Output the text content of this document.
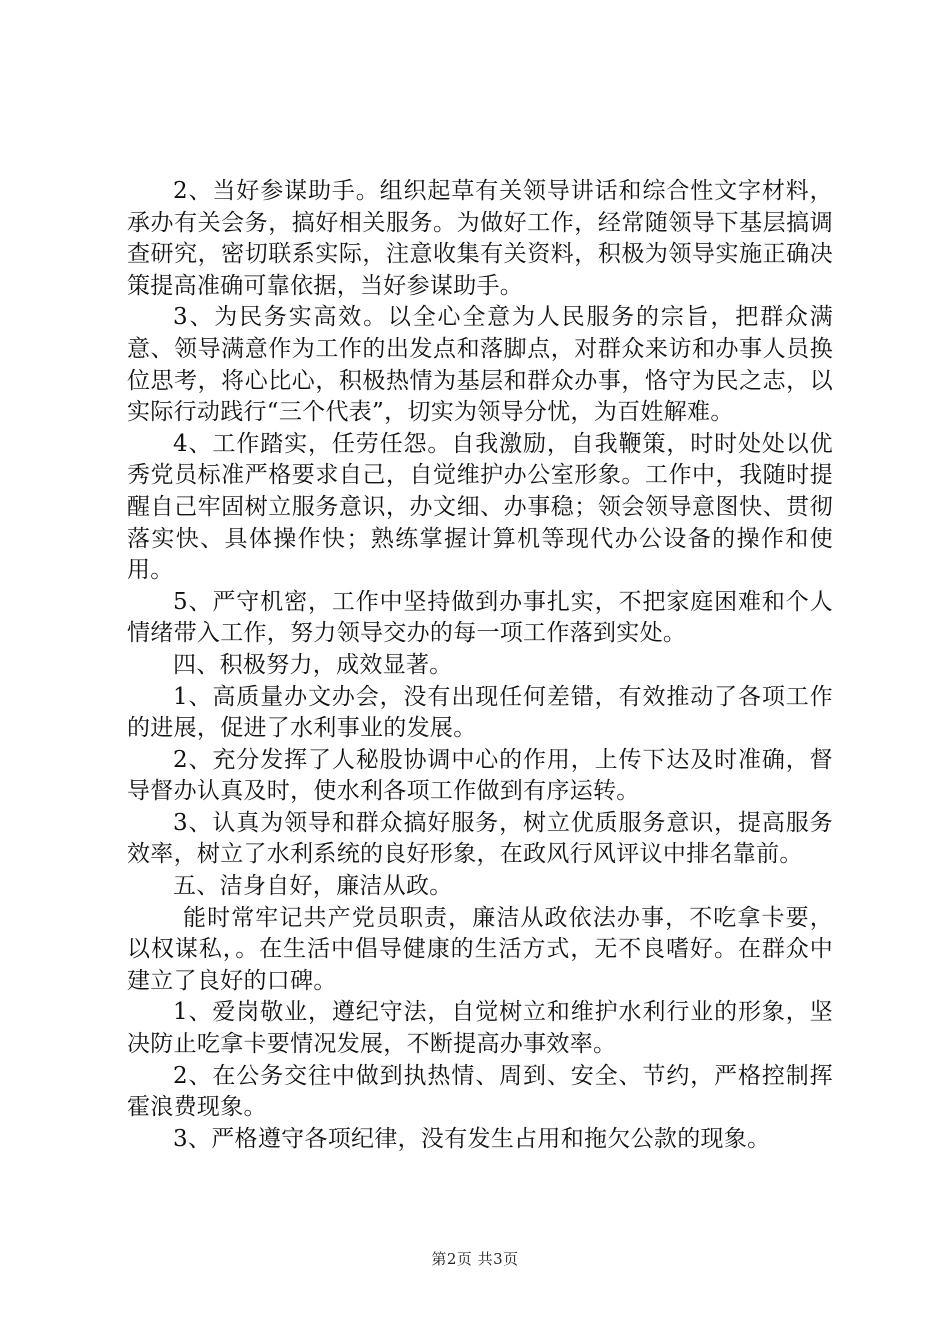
2、当好参谋助手。组织起草有关领导讲话和综合性文字材料，承办有关会务，搞好相关服务。为做好工作，经常随领导下基层搞调查研究，密切联系实际，注意收集有关资料，积极为领导实施正确决策提高准确可靠依据，当好参谋助手。

3、为民务实高效。以全心全意为人民服务的宗旨，把群众满意、领导满意作为工作的出发点和落脚点，对群众来访和办事人员换位思考，将心比心，积极热情为基层和群众办事，恪守为民之志，以实际行动践行“三个代表”，切实为领导分忧，为百姓解难。

4、工作踏实，任劳任怨。自我激励，自我鞭策，时时处处以优秀党员标准严格要求自己，自觉维护办公室形象。工作中，我随时提醒自己牢固树立服务意识，办文细、办事稳；领会领导意图快、贯彻落实快、具体操作快；熟练掌握计算机等现代办公设备的操作和使用。

5、严守机密，工作中坚持做到办事扎实，不把家庭困难和个人情绪带入工作，努力领导交办的每一项工作落到实处。

四、积极努力，成效显著。

1、高质量办文办会，没有出现任何差错，有效推动了各项工作的进展，促进了水利事业的发展。

2、充分发挥了人秘股协调中心的作用，上传下达及时准确，督导督办认真及时，使水利各项工作做到有序运转。

3、认真为领导和群众搞好服务，树立优质服务意识，提高服务效率，树立了水利系统的良好形象，在政风行风评议中排名靠前。

五、洁身自好，廉洁从政。

能时常牢记共产党员职责，廉洁从政依法办事，不吃拿卡要，以权谋私，。在生活中倡导健康的生活方式，无不良嗜好。在群众中建立了良好的口碑。

1、爱岗敬业，遵纪守法，自觉树立和维护水利行业的形象，坚决防止吃拿卡要情况发展，不断提高办事效率。

2、在公务交往中做到执热情、周到、安全、节约，严格控制挥霍浪费现象。

3、严格遵守各项纪律，没有发生占用和拖欠公款的现象。

第2页 共3页
